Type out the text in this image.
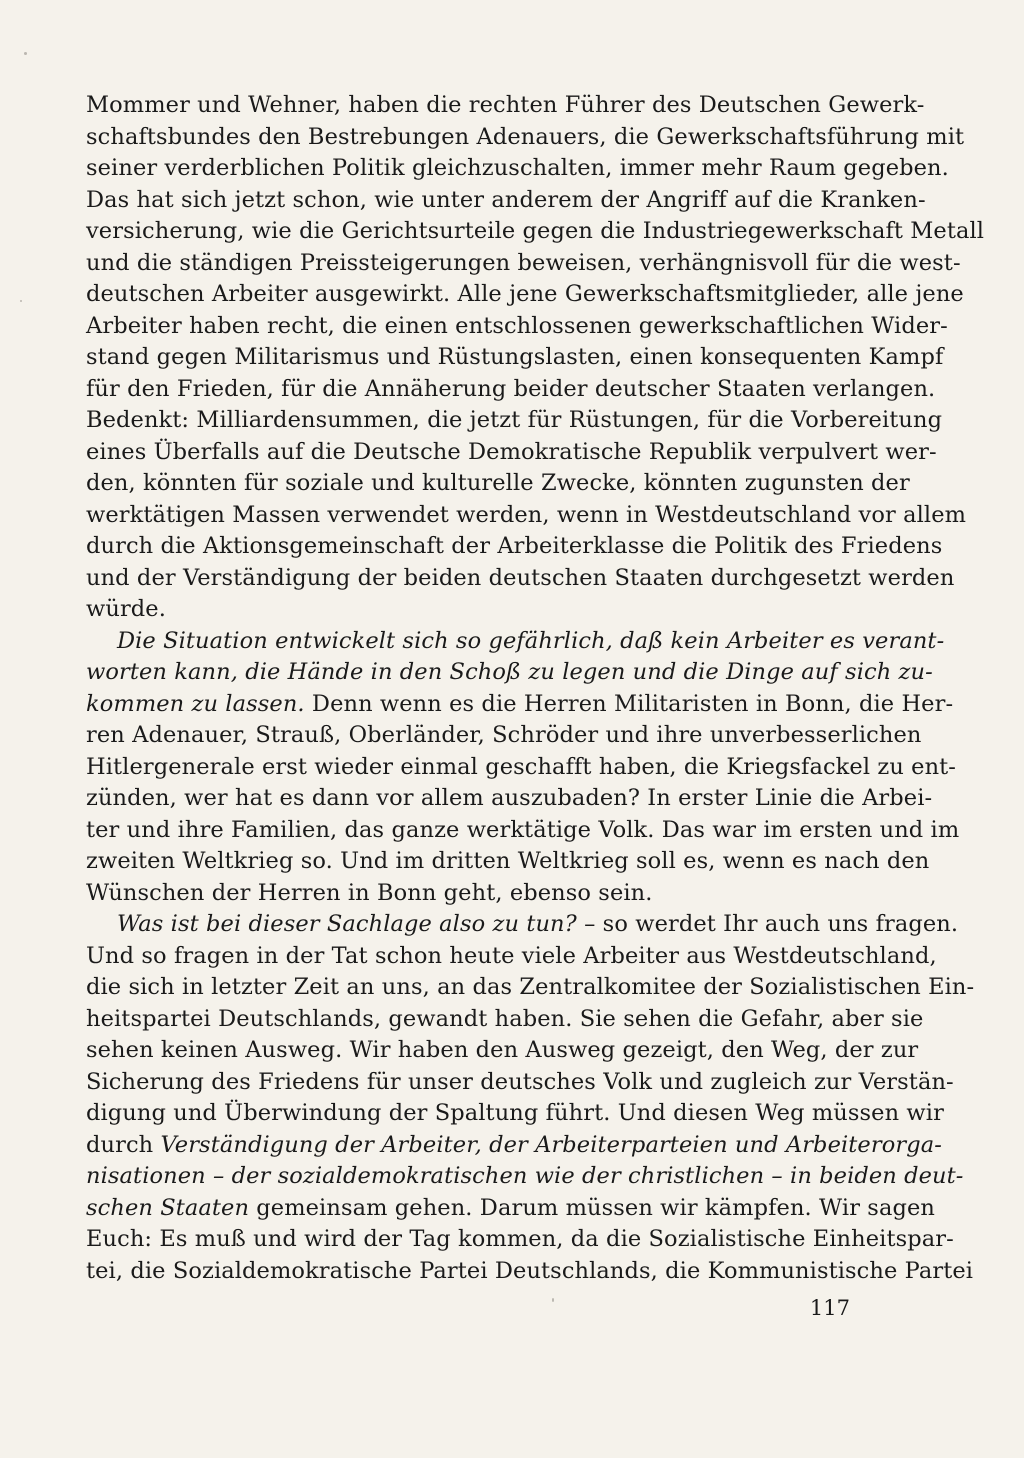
Mommer und Wehner, haben die rechten Führer des Deutschen Gewerk-
schaftsbundes den Bestrebungen Adenauers, die Gewerkschaftsführung mit
seiner verderblichen Politik gleichzuschalten, immer mehr Raum gegeben.
Das hat sich jetzt schon, wie unter anderem der Angriff auf die Kranken-
versicherung, wie die Gerichtsurteile gegen die Industriegewerkschaft Metall
und die ständigen Preissteigerungen beweisen, verhängnisvoll für die west-
deutschen Arbeiter ausgewirkt. Alle jene Gewerkschaftsmitglieder, alle jene
Arbeiter haben recht, die einen entschlossenen gewerkschaftlichen Wider-
stand gegen Militarismus und Rüstungslasten, einen konsequenten Kampf
für den Frieden, für die Annäherung beider deutscher Staaten verlangen.
Bedenkt: Milliardensummen, die jetzt für Rüstungen, für die Vorbereitung
eines Überfalls auf die Deutsche Demokratische Republik verpulvert wer-
den, könnten für soziale und kulturelle Zwecke, könnten zugunsten der
werktätigen Massen verwendet werden, wenn in Westdeutschland vor allem
durch die Aktionsgemeinschaft der Arbeiterklasse die Politik des Friedens
und der Verständigung der beiden deutschen Staaten durchgesetzt werden
würde.
Die Situation entwickelt sich so gefährlich, daß kein Arbeiter es verant-
worten kann, die Hände in den Schoß zu legen und die Dinge auf sich zu-
kommen zu lassen. Denn wenn es die Herren Militaristen in Bonn, die Her-
ren Adenauer, Strauß, Oberländer, Schröder und ihre unverbesserlichen
Hitlergenerale erst wieder einmal geschafft haben, die Kriegsfackel zu ent-
zünden, wer hat es dann vor allem auszubaden? In erster Linie die Arbei-
ter und ihre Familien, das ganze werktätige Volk. Das war im ersten und im
zweiten Weltkrieg so. Und im dritten Weltkrieg soll es, wenn es nach den
Wünschen der Herren in Bonn geht, ebenso sein.
Was ist bei dieser Sachlage also zu tun? – so werdet Ihr auch uns fragen.
Und so fragen in der Tat schon heute viele Arbeiter aus Westdeutschland,
die sich in letzter Zeit an uns, an das Zentralkomitee der Sozialistischen Ein-
heitspartei Deutschlands, gewandt haben. Sie sehen die Gefahr, aber sie
sehen keinen Ausweg. Wir haben den Ausweg gezeigt, den Weg, der zur
Sicherung des Friedens für unser deutsches Volk und zugleich zur Verstän-
digung und Überwindung der Spaltung führt. Und diesen Weg müssen wir
durch Verständigung der Arbeiter, der Arbeiterparteien und Arbeiterorga-
nisationen – der sozialdemokratischen wie der christlichen – in beiden deut-
schen Staaten gemeinsam gehen. Darum müssen wir kämpfen. Wir sagen
Euch: Es muß und wird der Tag kommen, da die Sozialistische Einheitspar-
tei, die Sozialdemokratische Partei Deutschlands, die Kommunistische Partei
117
